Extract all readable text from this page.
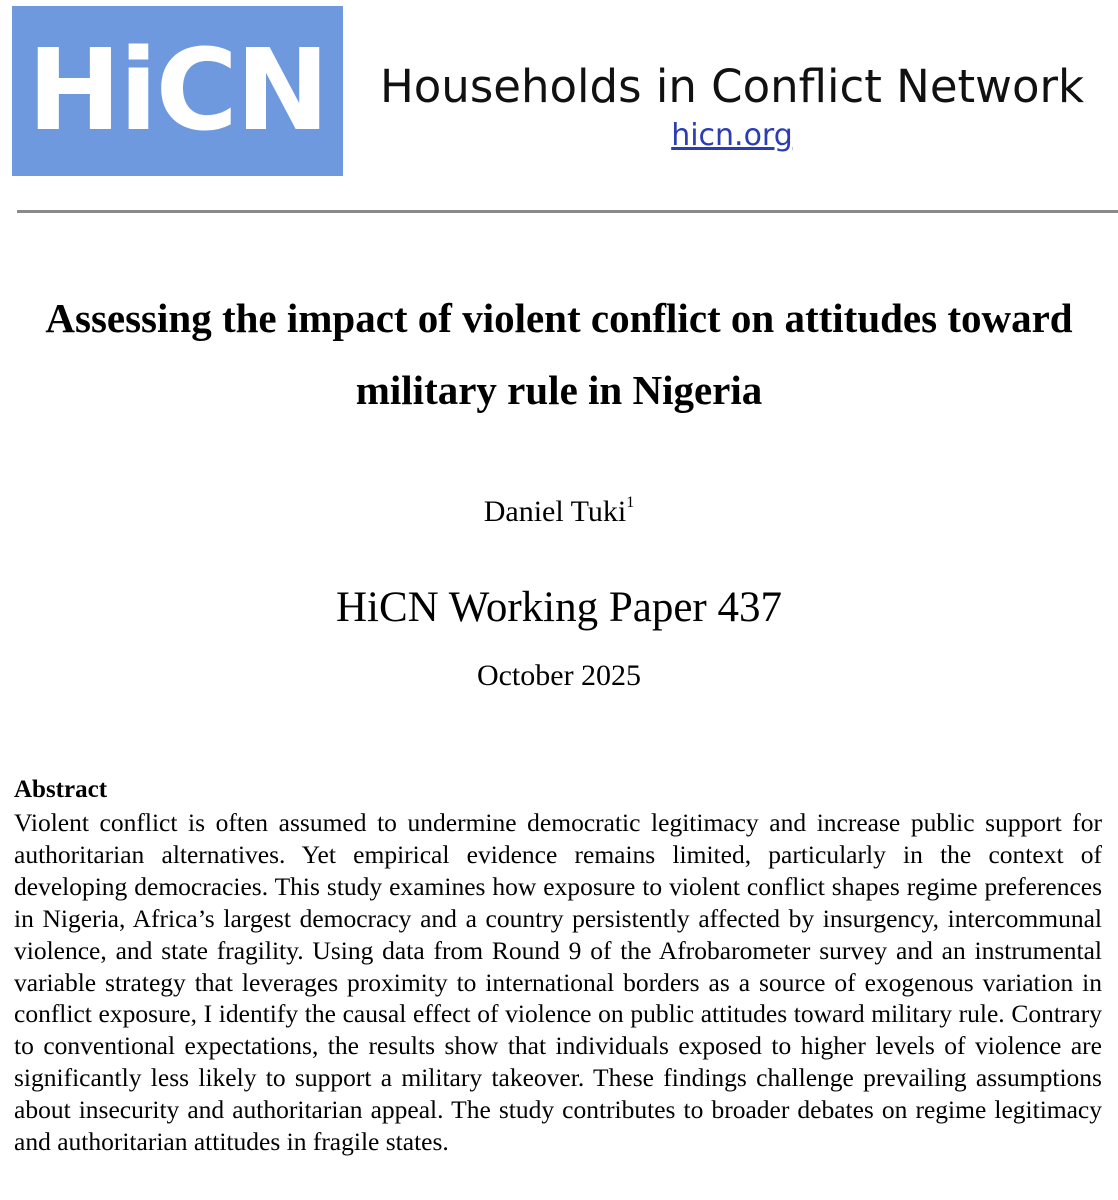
HiCN	Households in Conflict Network
hicn.org
Assessing the impact of violent conflict on attitudes toward military rule in Nigeria
Daniel Tuki$^1$
HiCN Working Paper 437
October 2025
Abstract

Violent conflict is often assumed to undermine democratic legitimacy and increase public support for authoritarian alternatives. Yet empirical evidence remains limited, particularly in the context of developing democracies. This study examines how exposure to violent conflict shapes regime preferences in Nigeria, Africa’s largest democracy and a country persistently affected by insurgency, intercommunal violence, and state fragility. Using data from Round 9 of the Afrobarometer survey and an instrumental variable strategy that leverages proximity to international borders as a source of exogenous variation in conflict exposure, I identify the causal effect of violence on public attitudes toward military rule. Contrary to conventional expectations, the results show that individuals exposed to higher levels of violence are significantly less likely to support a military takeover. These findings challenge prevailing assumptions about insecurity and authoritarian appeal. The study contributes to broader debates on regime legitimacy and authoritarian attitudes in fragile states.
